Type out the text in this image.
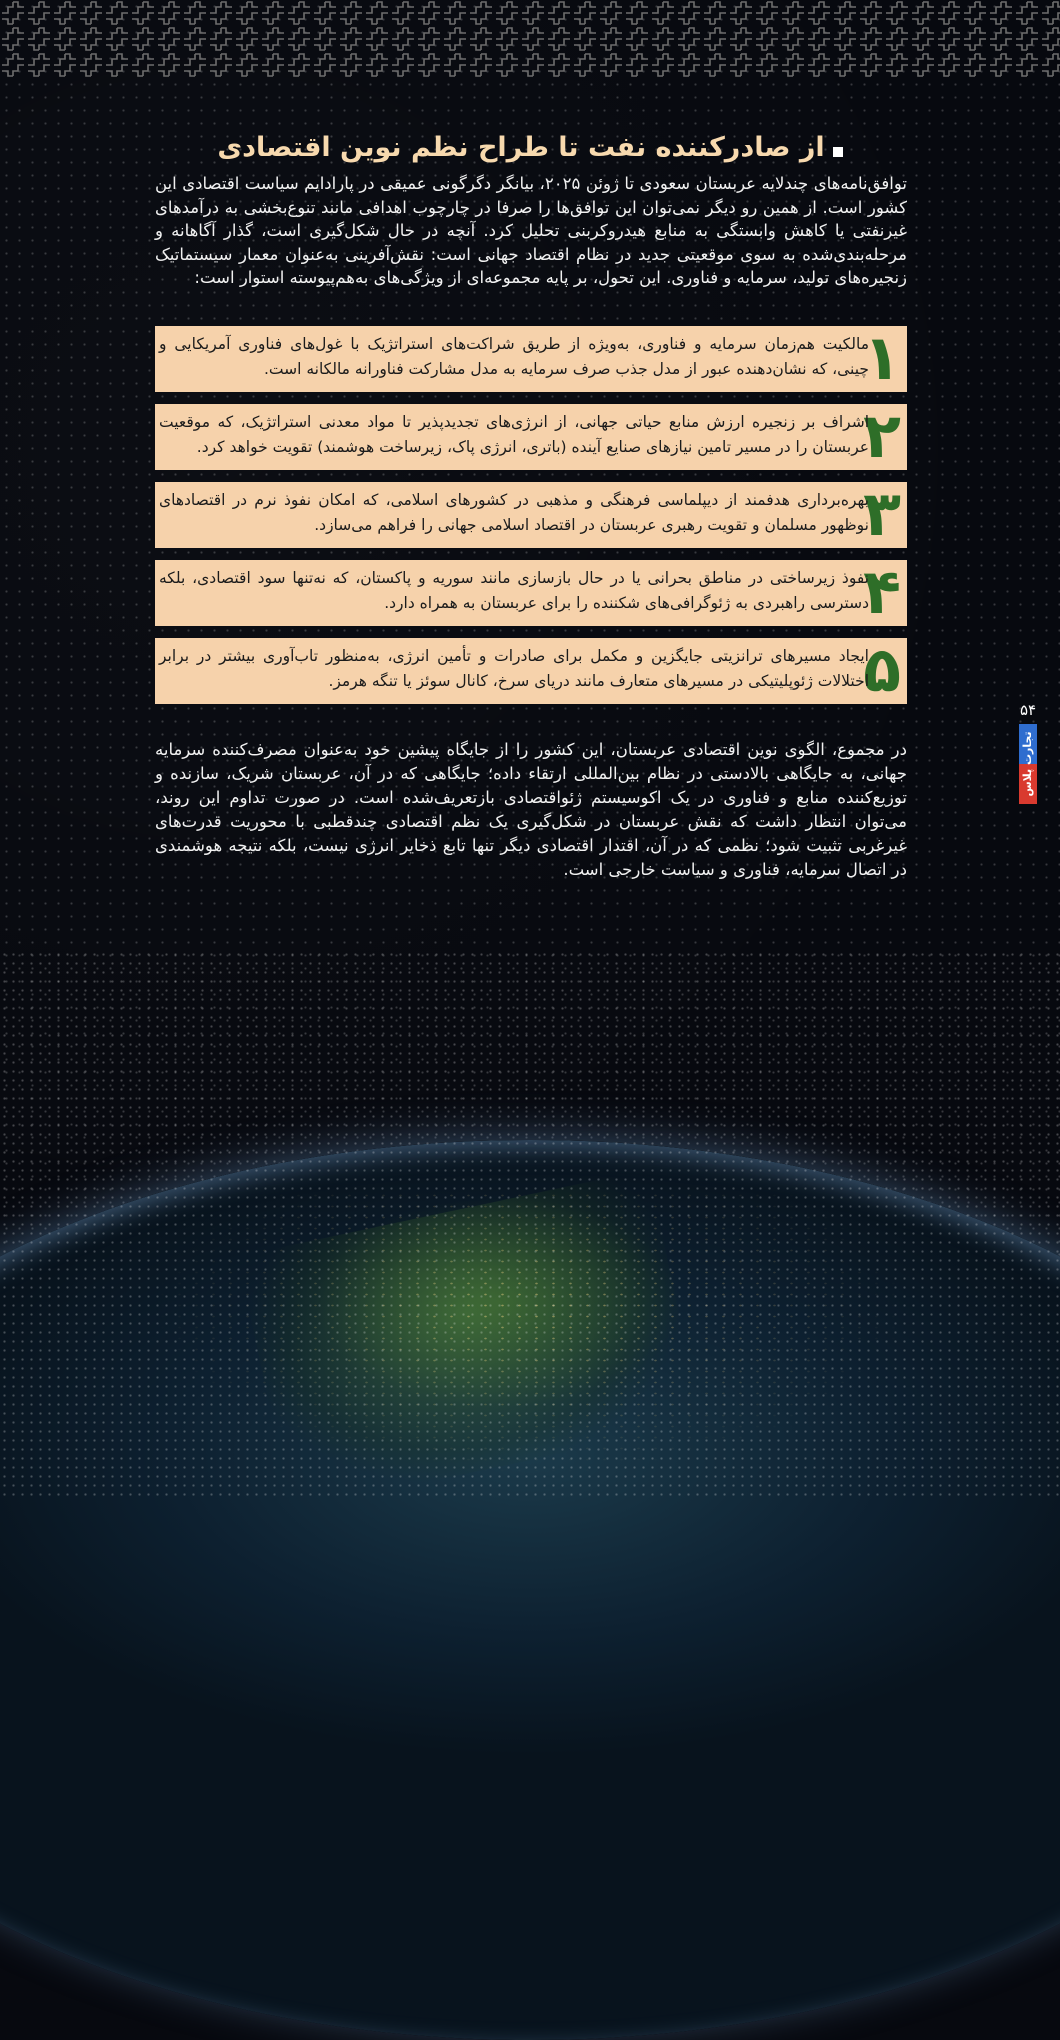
از صادرکننده نفت تا طراح نظم نوین اقتصادی
توافق‌نامه‌های چندلایه عربستان سعودی تا ژوئن ۲۰۲۵، بیانگر دگرگونی عمیقی در پارادایم سیاست اقتصادی این کشور است. از همین رو دیگر نمی‌توان این توافق‌ها را صرفا در چارچوب اهدافی مانند تنوع‌بخشی به درآمدهای غیرنفتی یا کاهش وابستگی به منابع هیدروکربنی تحلیل کرد. آنچه در حال شکل‌گیری است، گذار آگاهانه و مرحله‌بندی‌شده به سوی موقعیتی جدید در نظام اقتصاد جهانی است: نقش‌آفرینی به‌عنوان معمار سیستماتیک زنجیره‌های تولید، سرمایه و فناوری. این تحول، بر پایه مجموعه‌ای از ویژگی‌های به‌هم‌پیوسته استوار است:
۱
مالکیت هم‌زمان سرمایه و فناوری، به‌ویژه از طریق شراکت‌های استراتژیک با غول‌های فناوری آمریکایی و چینی، که نشان‌دهنده عبور از مدل جذب صرف سرمایه به مدل مشارکت فناورانه مالکانه است.
۲
اشراف بر زنجیره ارزش منابع حیاتی جهانی، از انرژی‌های تجدیدپذیر تا مواد معدنی استراتژیک، که موقعیت عربستان را در مسیر تامین نیازهای صنایع آینده (باتری، انرژی پاک، زیرساخت هوشمند) تقویت خواهد کرد.
۳
بهره‌برداری هدفمند از دیپلماسی فرهنگی و مذهبی در کشورهای اسلامی، که امکان نفوذ نرم در اقتصادهای نوظهور مسلمان و تقویت رهبری عربستان در اقتصاد اسلامی جهانی را فراهم می‌سازد.
۴
نفوذ زیرساختی در مناطق بحرانی یا در حال بازسازی مانند سوریه و پاکستان، که نه‌تنها سود اقتصادی، بلکه دسترسی راهبردی به ژئوگرافی‌های شکننده را برای عربستان به همراه دارد.
۵
ایجاد مسیرهای ترانزیتی جایگزین و مکمل برای صادرات و تأمین انرژی، به‌منظور تاب‌آوری بیشتر در برابر اختلالات ژئوپلیتیکی در مسیرهای متعارف مانند دریای سرخ، کانال سوئز یا تنگه هرمز.
در مجموع، الگوی نوین اقتصادی عربستان، این کشور را از جایگاه پیشین خود به‌عنوان مصرف‌کننده سرمایه جهانی، به جایگاهی بالادستی در نظام بین‌المللی ارتقاء داده؛ جایگاهی که در آن، عربستان شریک، سازنده و توزیع‌کننده منابع و فناوری در یک اکوسیستم ژئواقتصادی بازتعریف‌شده است. در صورت تداوم این روند، می‌توان انتظار داشت که نقش عربستان در شکل‌گیری یک نظم اقتصادی چندقطبی با محوریت قدرت‌های غیرغربی تثبیت شود؛ نظمی که در آن، اقتدار اقتصادی دیگر تنها تابع ذخایر انرژی نیست، بلکه نتیجه هوشمندی در اتصال سرمایه، فناوری و سیاست خارجی است.
۵۴
تجارت پلاس
